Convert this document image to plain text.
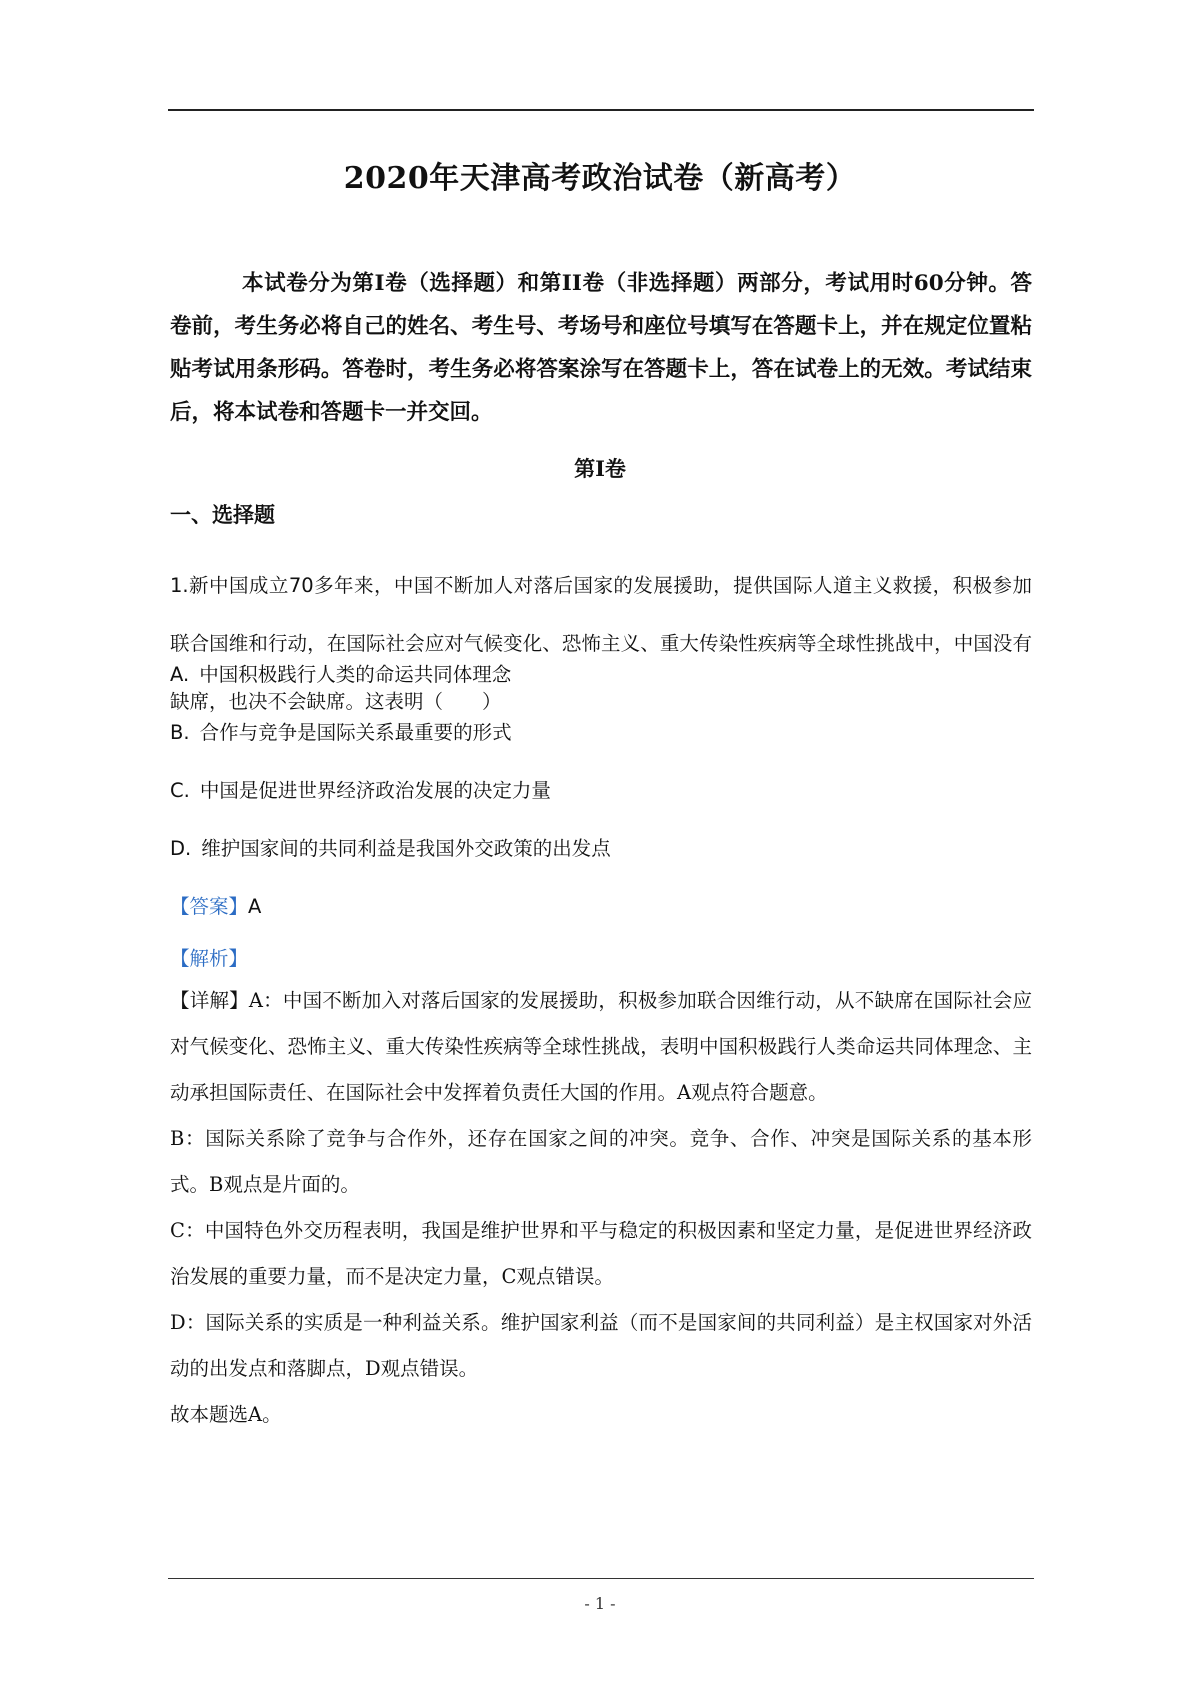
2020年天津高考政治试卷（新高考）

本试卷分为第Ⅰ卷（选择题）和第II卷（非选择题）两部分，考试用时60分钟。答卷前，考生务必将自己的姓名、考生号、考场号和座位号填写在答题卡上，并在规定位置粘贴考试用条形码。答卷时，考生务必将答案涂写在答题卡上，答在试卷上的无效。考试结束后，将本试卷和答题卡一并交回。

第Ⅰ卷
一、选择题

1.新中国成立70多年来，中国不断加人对落后国家的发展援助，提供国际人道主义救援，积极参加联合国维和行动，在国际社会应对气候变化、恐怖主义、重大传染性疾病等全球性挑战中，中国没有缺席，也决不会缺席。这表明（　　）

A. 中国积极践行人类的命运共同体理念
B. 合作与竞争是国际关系最重要的形式
C. 中国是促进世界经济政治发展的决定力量
D. 维护国家间的共同利益是我国外交政策的出发点
【答案】A
【解析】

【详解】A：中国不断加入对落后国家的发展援助，积极参加联合因维行动，从不缺席在国际社会应对气候变化、恐怖主义、重大传染性疾病等全球性挑战，表明中国积极践行人类命运共同体理念、主动承担国际责任、在国际社会中发挥着负责任大国的作用。A观点符合题意。

B：国际关系除了竞争与合作外，还存在国家之间的冲突。竞争、合作、冲突是国际关系的基本形式。B观点是片面的。

C：中国特色外交历程表明，我国是维护世界和平与稳定的积极因素和坚定力量，是促进世界经济政治发展的重要力量，而不是决定力量，C观点错误。

D：国际关系的实质是一种利益关系。维护国家利益（而不是国家间的共同利益）是主权国家对外活动的出发点和落脚点，D观点错误。

故本题选A。

- 1 -
